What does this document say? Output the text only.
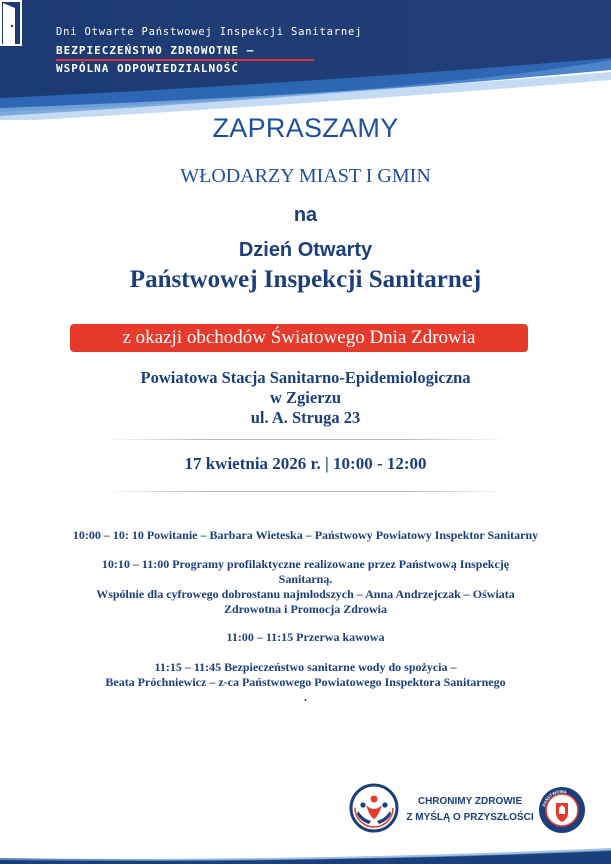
Dni Otwarte Państwowej Inspekcji Sanitarnej
BEZPIECZEŃSTWO ZDROWOTNE –
WSPÓLNA ODPOWIEDZIALNOŚĆ
ZAPRASZAMY
WŁODARZY MIAST I GMIN
na
Dzień Otwarty
Państwowej Inspekcji Sanitarnej
z okazji obchodów Światowego Dnia Zdrowia
Powiatowa Stacja Sanitarno-Epidemiologiczna
w Zgierzu
ul. A. Struga 23
17 kwietnia 2026 r. | 10:00 - 12:00
10:00 – 10: 10 Powitanie – Barbara Wieteska – Państwowy Powiatowy Inspektor Sanitarny
10:10 – 11:00 Programy profilaktyczne realizowane przez Państwową Inspekcję
Sanitarną.
Wspólnie dla cyfrowego dobrostanu najmłodszych – Anna Andrzejczak – Oświata
Zdrowotna i Promocja Zdrowia
11:00 – 11:15 Przerwa kawowa
11:15 – 11:45 Bezpieczeństwo sanitarne wody do spożycia –
Beata Próchniewicz – z-ca Państwowego Powiatowego Inspektora Sanitarnego
.
CHRONIMY ZDROWIE
Z MYŚLĄ O PRZYSZŁOŚCI
PAŃSTWOWA
INSPEKCJA SANITAR
